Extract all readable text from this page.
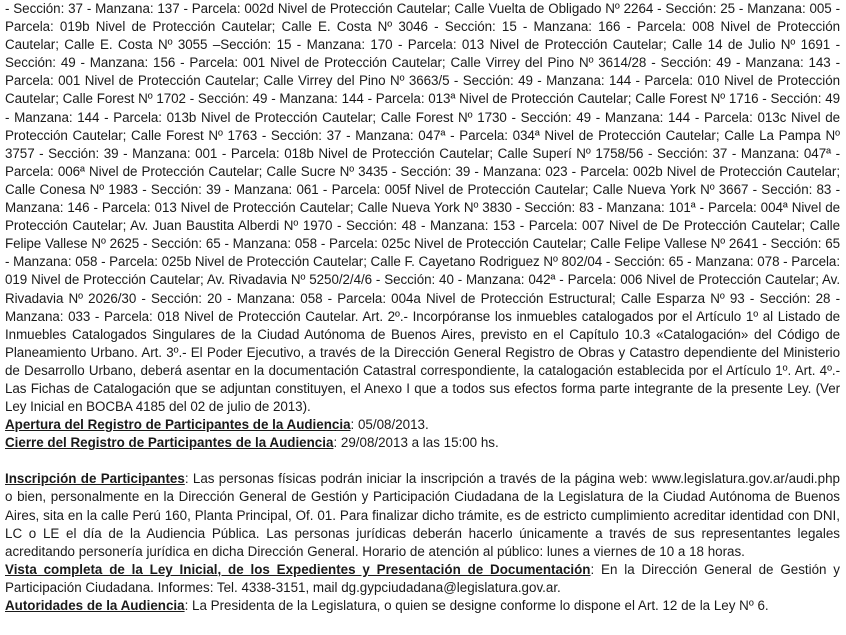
- Sección: 37 - Manzana: 137 - Parcela: 002d Nivel de Protección Cautelar; Calle Vuelta de Obligado Nº 2264 - Sección: 25 - Manzana: 005 - Parcela: 019b Nivel de Protección Cautelar; Calle E. Costa Nº 3046 - Sección: 15 - Manzana: 166 - Parcela: 008 Nivel de Protección Cautelar; Calle E. Costa Nº 3055 –Sección: 15 - Manzana: 170 - Parcela: 013 Nivel de Protección Cautelar; Calle 14 de Julio Nº 1691 - Sección: 49 - Manzana: 156 - Parcela: 001 Nivel de Protección Cautelar; Calle Virrey del Pino Nº 3614/28 - Sección: 49 - Manzana: 143 - Parcela: 001 Nivel de Protección Cautelar; Calle Virrey del Pino Nº 3663/5 - Sección: 49 - Manzana: 144 - Parcela: 010 Nivel de Protección Cautelar; Calle Forest Nº 1702 - Sección: 49 - Manzana: 144 - Parcela: 013ª Nivel de Protección Cautelar; Calle Forest Nº 1716 - Sección: 49 - Manzana: 144 - Parcela: 013b Nivel de Protección Cautelar; Calle Forest Nº 1730 - Sección: 49 - Manzana: 144 - Parcela: 013c Nivel de Protección Cautelar; Calle Forest Nº 1763 - Sección: 37 - Manzana: 047ª - Parcela: 034ª Nivel de Protección Cautelar; Calle La Pampa Nº 3757 - Sección: 39 - Manzana: 001 - Parcela: 018b Nivel de Protección Cautelar; Calle Superí Nº 1758/56 - Sección: 37 - Manzana: 047ª - Parcela: 006ª Nivel de Protección Cautelar; Calle Sucre Nº 3435 - Sección: 39 - Manzana: 023 - Parcela: 002b Nivel de Protección Cautelar; Calle Conesa Nº 1983 - Sección: 39 - Manzana: 061 - Parcela: 005f Nivel de Protección Cautelar; Calle Nueva York Nº 3667 - Sección: 83 - Manzana: 146 - Parcela: 013 Nivel de Protección Cautelar; Calle Nueva York Nº 3830 - Sección: 83 - Manzana: 101ª - Parcela: 004ª Nivel de Protección Cautelar; Av. Juan Baustita Alberdi Nº 1970 - Sección: 48 - Manzana: 153 - Parcela: 007 Nivel de De Protección Cautelar; Calle Felipe Vallese Nº 2625 - Sección: 65 - Manzana: 058 - Parcela: 025c Nivel de Protección Cautelar; Calle Felipe Vallese Nº 2641 - Sección: 65 - Manzana: 058 - Parcela: 025b Nivel de Protección Cautelar; Calle F. Cayetano Rodriguez Nº 802/04 - Sección: 65 - Manzana: 078 - Parcela: 019 Nivel de Protección Cautelar; Av. Rivadavia Nº 5250/2/4/6 - Sección: 40 - Manzana: 042ª - Parcela: 006 Nivel de Protección Cautelar; Av. Rivadavia Nº 2026/30 - Sección: 20 - Manzana: 058 - Parcela: 004a Nivel de Protección Estructural; Calle Esparza Nº 93 - Sección: 28 - Manzana: 033 - Parcela: 018 Nivel de Protección Cautelar. Art. 2º.- Incorpóranse los inmuebles catalogados por el Artículo 1º al Listado de Inmuebles Catalogados Singulares de la Ciudad Autónoma de Buenos Aires, previsto en el Capítulo 10.3 «Catalogación» del Código de Planeamiento Urbano. Art. 3º.- El Poder Ejecutivo, a través de la Dirección General Registro de Obras y Catastro dependiente del Ministerio de Desarrollo Urbano, deberá asentar en la documentación Catastral correspondiente, la catalogación establecida por el Artículo 1º. Art. 4º.- Las Fichas de Catalogación que se adjuntan constituyen, el Anexo I que a todos sus efectos forma parte integrante de la presente Ley. (Ver Ley Inicial en BOCBA 4185 del 02 de julio de 2013).

Apertura del Registro de Participantes de la Audiencia: 05/08/2013.

Cierre del Registro de Participantes de la Audiencia: 29/08/2013 a las 15:00 hs.

Inscripción de Participantes: Las personas físicas podrán iniciar la inscripción a través de la página web: www.legislatura.gov.ar/audi.php o bien, personalmente en la Dirección General de Gestión y Participación Ciudadana de la Legislatura de la Ciudad Autónoma de Buenos Aires, sita en la calle Perú 160, Planta Principal, Of. 01. Para finalizar dicho trámite, es de estricto cumplimiento acreditar identidad con DNI, LC o LE el día de la Audiencia Pública. Las personas jurídicas deberán hacerlo únicamente a través de sus representantes legales acreditando personería jurídica en dicha Dirección General. Horario de atención al público: lunes a viernes de 10 a 18 horas.

Vista completa de la Ley Inicial, de los Expedientes y Presentación de Documentación: En la Dirección General de Gestión y Participación Ciudadana. Informes: Tel. 4338-3151, mail dg.gypciudadana@legislatura.gov.ar.

Autoridades de la Audiencia: La Presidenta de la Legislatura, o quien se designe conforme lo dispone el Art. 12 de la Ley Nº 6.
